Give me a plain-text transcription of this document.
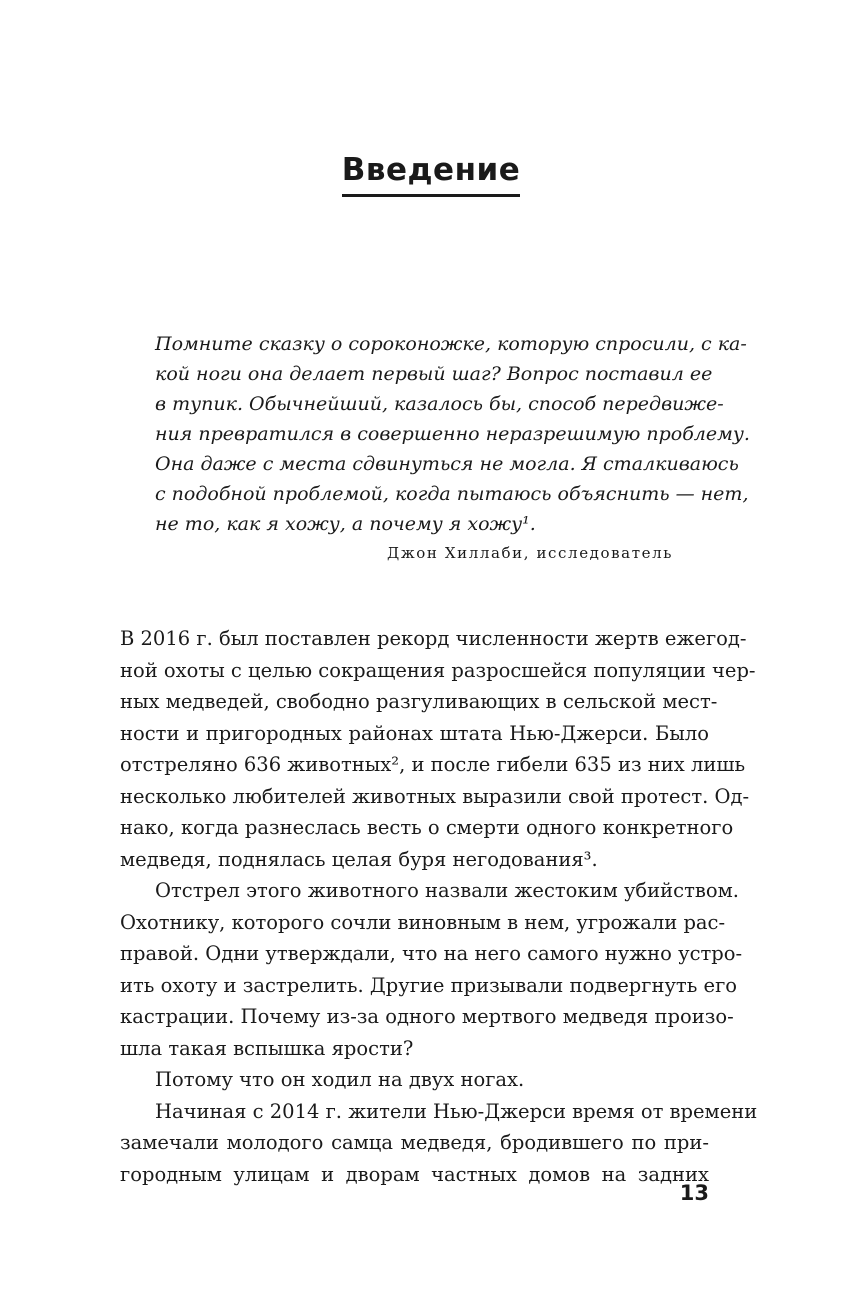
Введение
Помните сказку о сороконожке, которую спросили, с ка-
кой ноги она делает первый шаг? Вопрос поставил ее
в тупик. Обычнейший, казалось бы, способ передвиже-
ния превратился в совершенно неразрешимую проблему.
Она даже с места сдвинуться не могла. Я сталкиваюсь
с подобной проблемой, когда пытаюсь объяснить — нет,
не то, как я хожу, а почему я хожу¹.
Джон Хиллаби, исследователь
В 2016 г. был поставлен рекорд численности жертв ежегод-
ной охоты с целью сокращения разросшейся популяции чер-
ных медведей, свободно разгуливающих в сельской мест-
ности и пригородных районах штата Нью-Джерси. Было
отстреляно 636 животных², и после гибели 635 из них лишь
несколько любителей животных выразили свой протест. Од-
нако, когда разнеслась весть о смерти одного конкретного
медведя, поднялась целая буря негодования³.
Отстрел этого животного назвали жестоким убийством.
Охотнику, которого сочли виновным в нем, угрожали рас-
правой. Одни утверждали, что на него самого нужно устро-
ить охоту и застрелить. Другие призывали подвергнуть его
кастрации. Почему из-за одного мертвого медведя произо-
шла такая вспышка ярости?
Потому что он ходил на двух ногах.
Начиная с 2014 г. жители Нью-Джерси время от времени
замечали молодого самца медведя, бродившего по при-
городным улицам и дворам частных домов на задних
13
